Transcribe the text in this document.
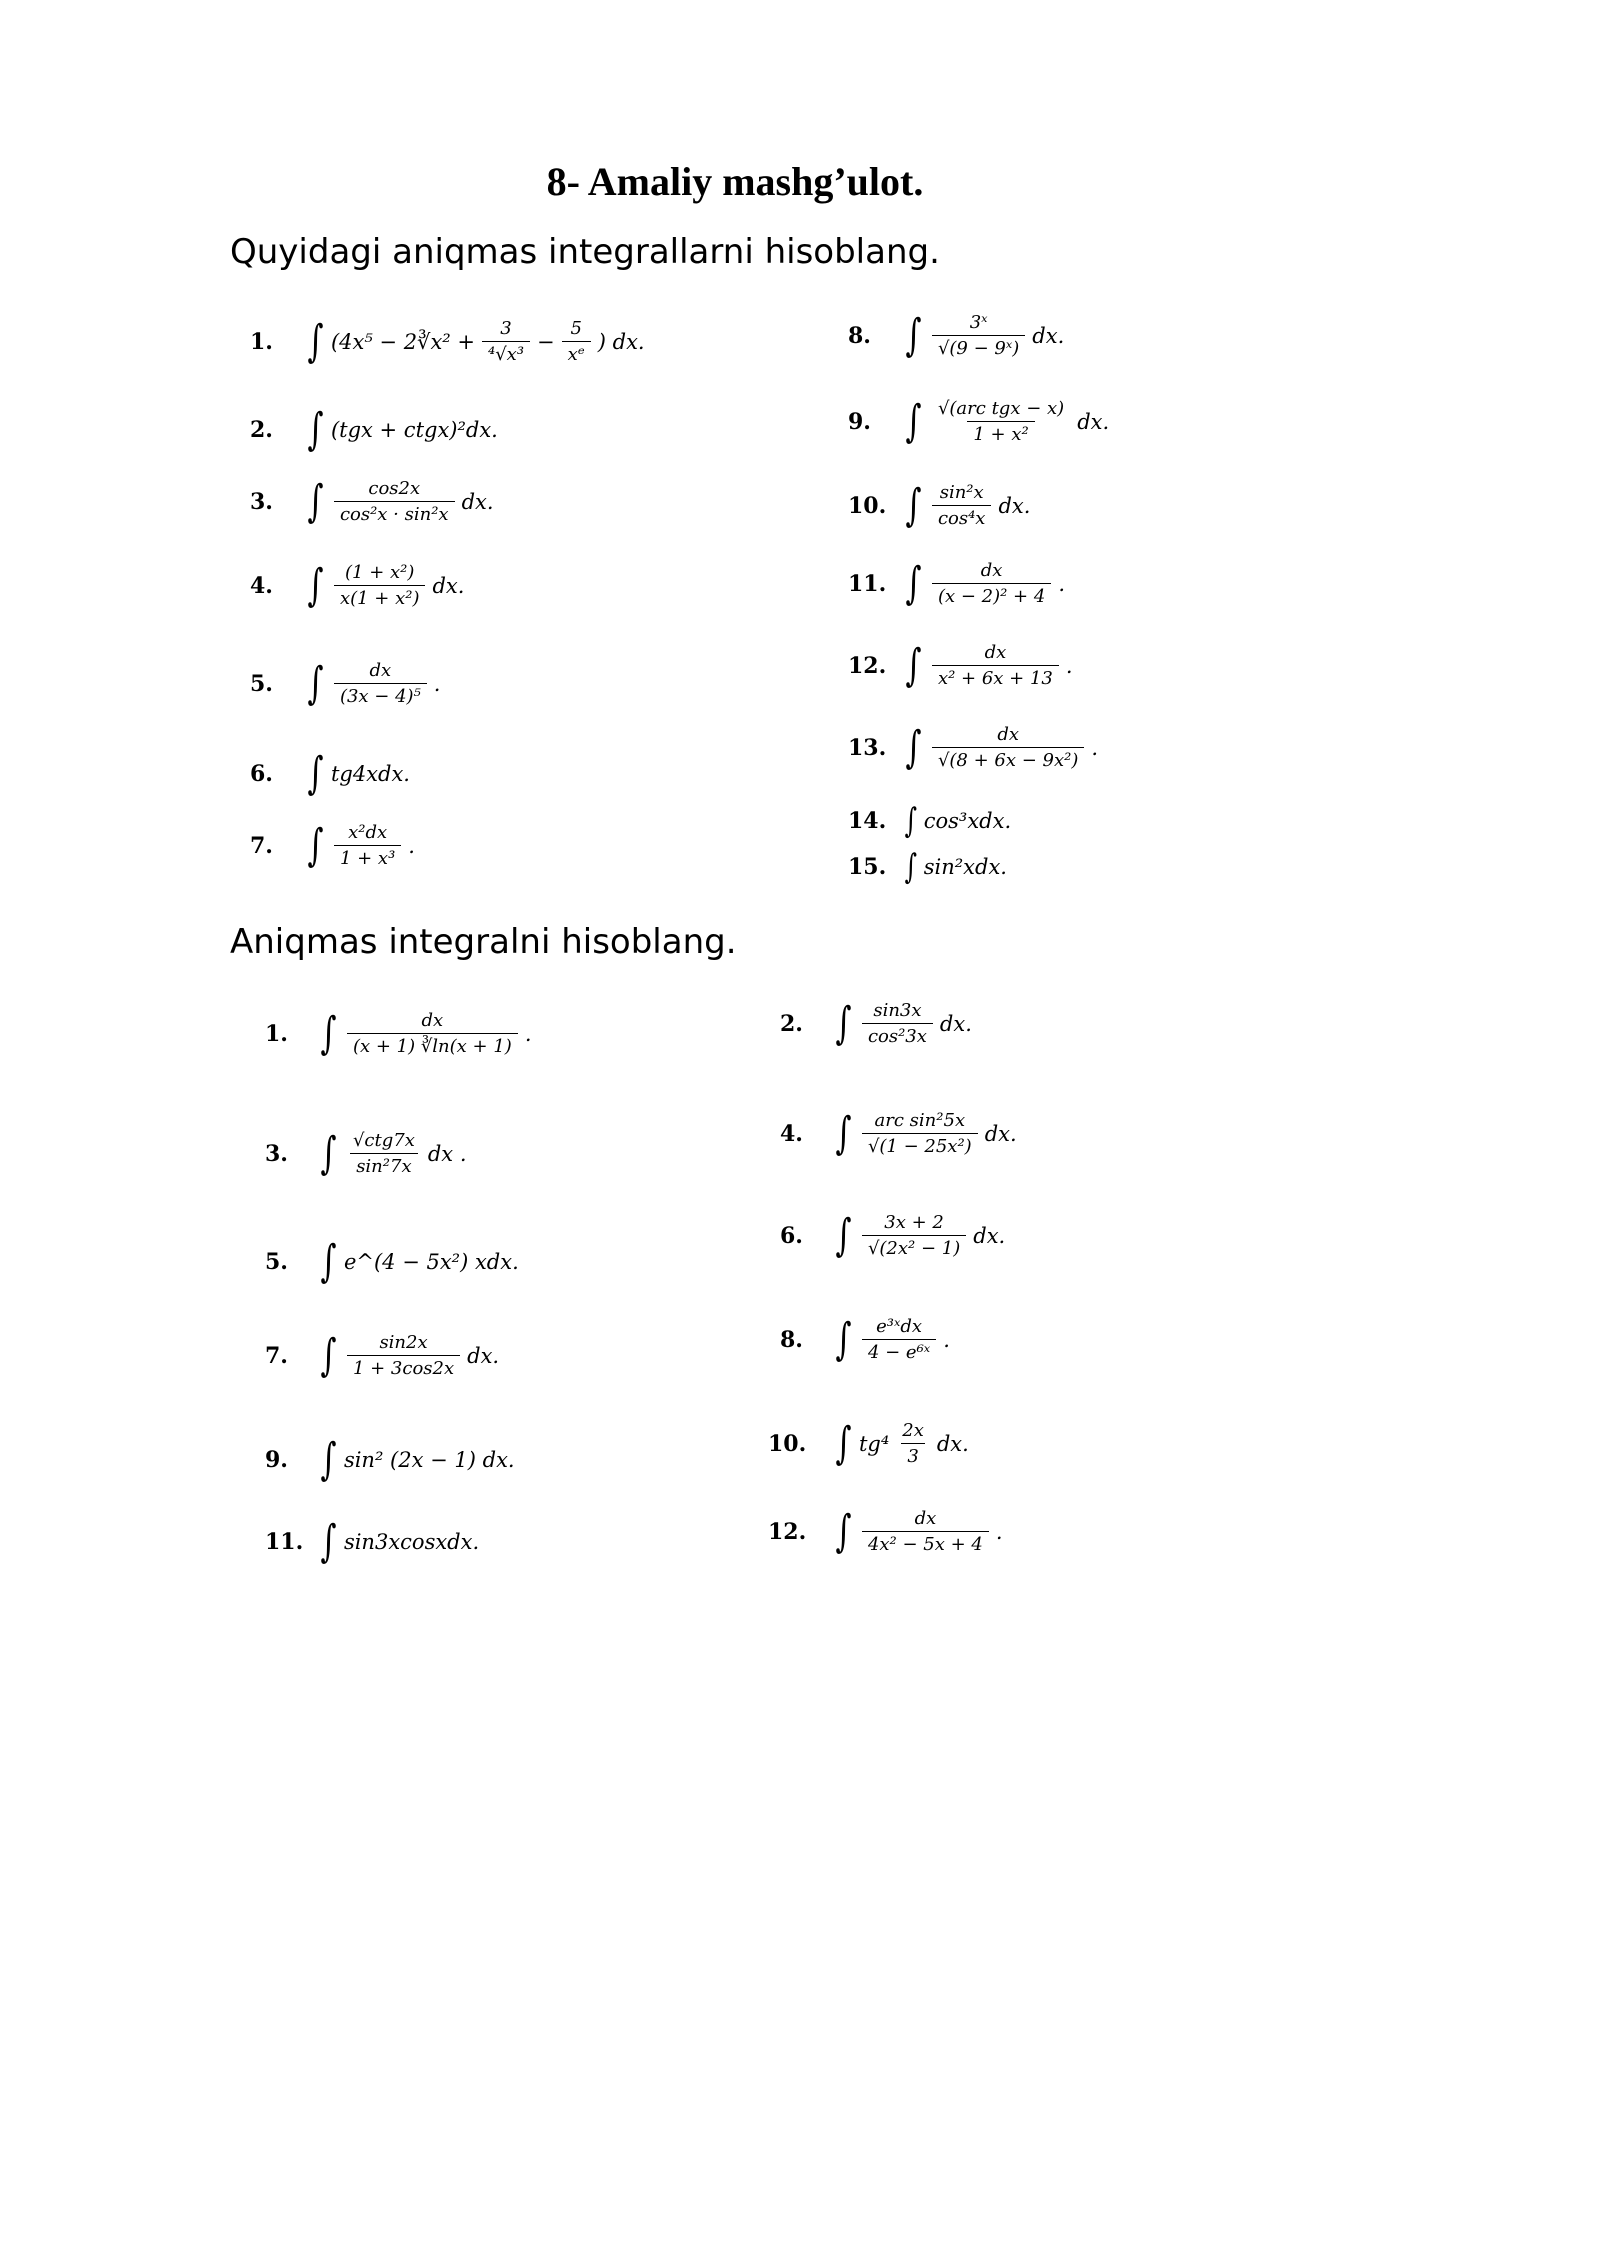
8- Amaliy mashg’ulot.
Quyidagi aniqmas integrallarni hisoblang.
Aniqmas integralni hisoblang.
1. ∫ (4x⁵ − 2∛x² + $\frac{3}{\text{⁴√x³}} - \frac{5}{\text{xᵉ}}$ ) dx.
2. ∫ (tgx + ctgx)²dx.
3. ∫ $\frac{\cos 2x}{\text{cos²x · sin²x}}$ dx.
4. ∫ $\frac{\text{(1 + x²)}}{\text{x(1 + x²)}}$ dx.
5. ∫ $\frac{dx}{\text{(3x − 4)⁵}}$ .
6. ∫ tg4xdx.
7. ∫ $\frac{\text{x²dx}}{\text{1 + x³}}$ .
8. ∫ $\frac{\text{3ˣ}}{\text{√(9 − 9ˣ)}}$ dx.
9. ∫ $\frac{\text{√(arc tgx − x)}}{\text{1 + x²}}$ dx.
10. ∫ $\frac{\text{sin²x}}{\text{cos⁴x}}$ dx.
11. ∫ $\frac{dx}{\text{(x − 2)² + 4}}$ .
12. ∫ $\frac{dx}{\text{x² + 6x + 13}}$ .
13. ∫ $\frac{dx}{\text{√(8 + 6x − 9x²)}}$ .
14. ∫ cos³xdx.
15. ∫ sin²xdx.
1. ∫ $\frac{dx}{(x + 1) ∛\ln(x + 1)}$ .
3. ∫ $\frac{\text{√ctg7x}}{\text{sin²7x}}$ dx .
5. ∫ e^(4 − 5x²) xdx.
7. ∫ $\frac{\sin 2x}{1 + 3\cos 2x}$ dx.
9. ∫ sin² (2x − 1) dx.
11. ∫ sin3xcosxdx.
2. ∫ $\frac{\sin 3x}{\text{cos²3x}}$ dx.
4. ∫ $\frac{\text{arc sin²5x}}{\text{√(1 − 25x²)}}$ dx.
6. ∫ $\frac{3x + 2}{\text{√(2x² − 1)}}$ dx.
8. ∫ $\frac{\text{e³ˣdx}}{\text{4 − e⁶ˣ}}$ .
10. ∫ $tg^4 \frac{2x}{3}$ dx.
12. ∫ $\frac{dx}{\text{4x² − 5x + 4}}$ .
